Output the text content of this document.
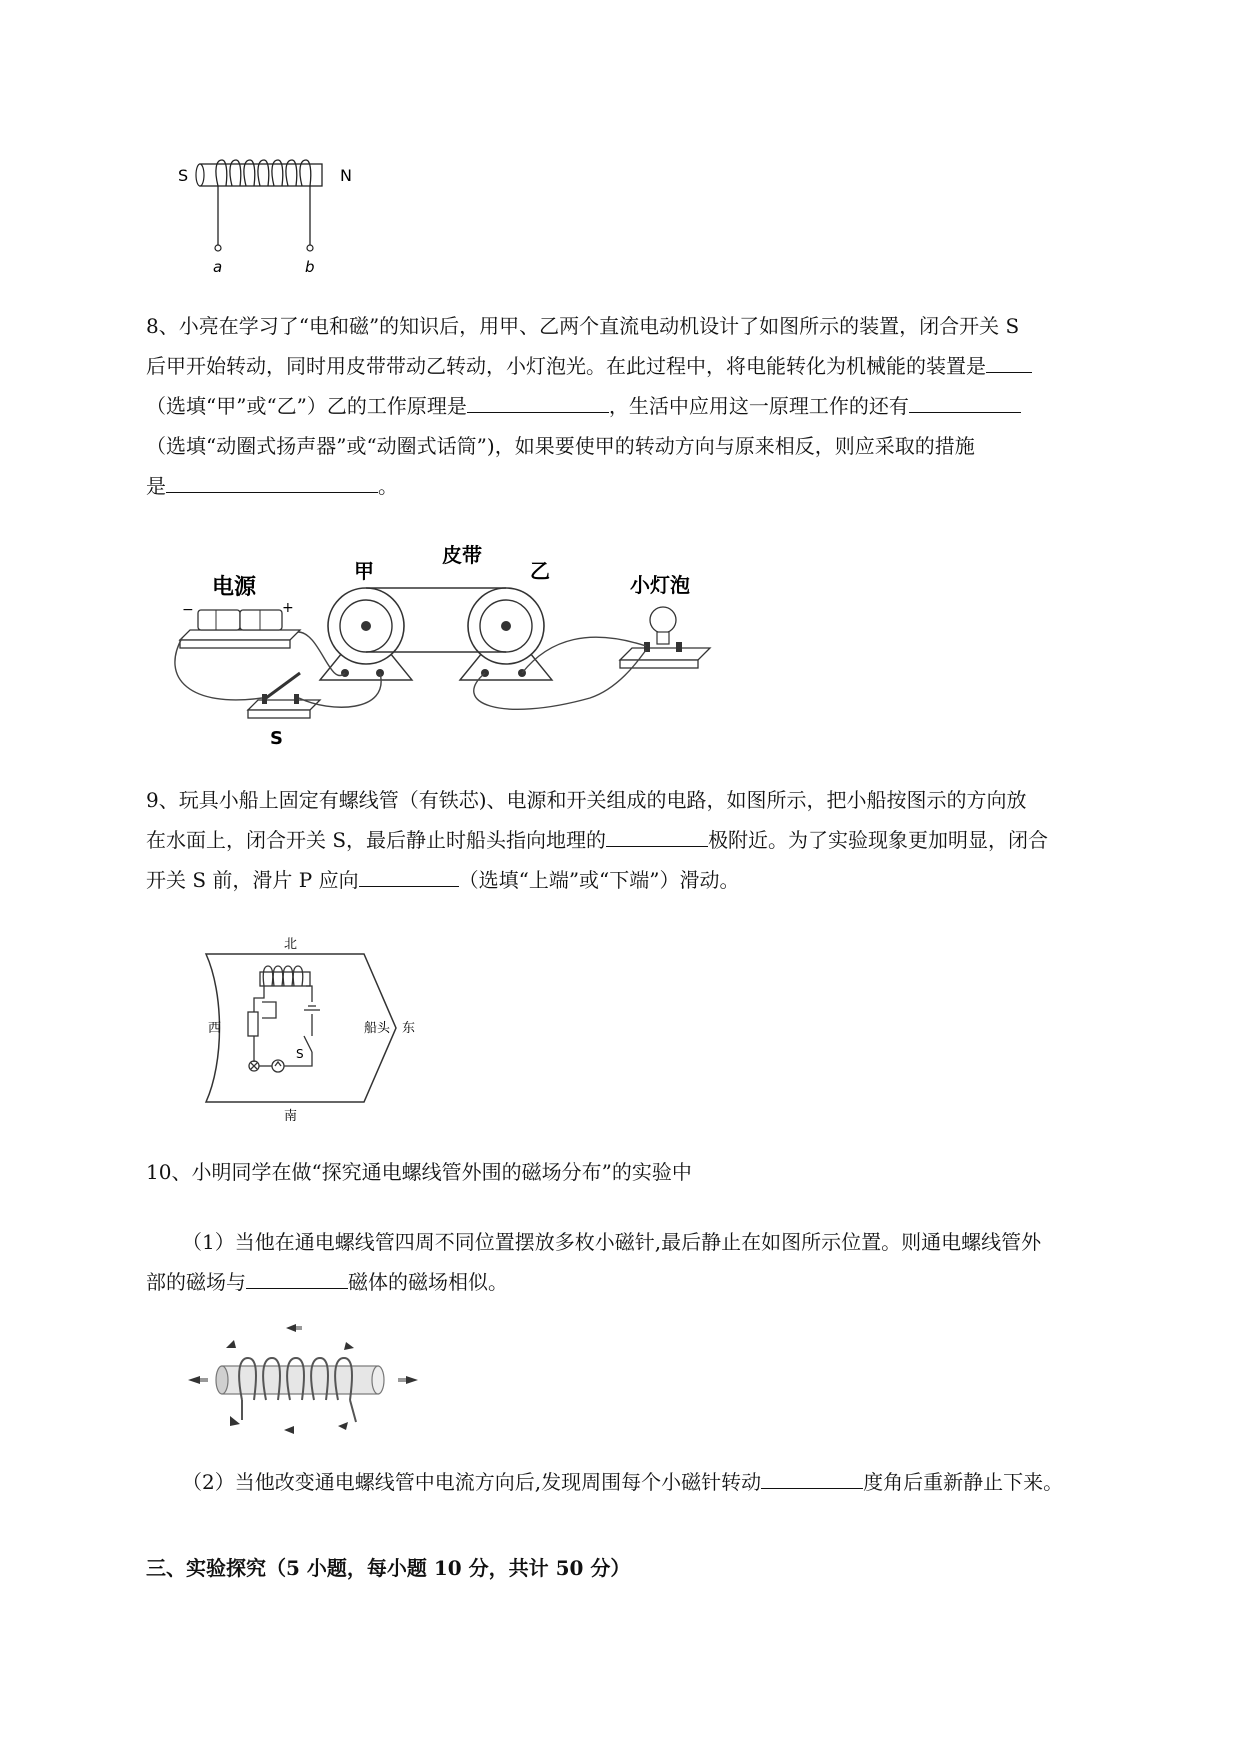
S	N
a	b

8、小亮在学习了“电和磁”的知识后，用甲、乙两个直流电动机设计了如图所示的装置，闭合开关 S

后甲开始转动，同时用皮带带动乙转动，小灯泡光。在此过程中，将电能转化为机械能的装置是

（选填“甲”或“乙”）乙的工作原理是	，生活中应用这一原理工作的还有

（选填“动圈式扬声器”或“动圈式话筒”)，如果要使甲的转动方向与原来相反，则应采取的措施

是	。

−	+
电源
S
甲	乙
皮带
小灯泡

9、玩具小船上固定有螺线管（有铁芯)、电源和开关组成的电路，如图所示，把小船按图示的方向放

在水面上，闭合开关 S，最后静止时船头指向地理的	极附近。为了实验现象更加明显，闭合

开关 S 前，滑片 P 应向	（选填“上端”或“下端”）滑动。

北
南
西	东
船头
S

10、小明同学在做“探究通电螺线管外围的磁场分布”的实验中

（1）当他在通电螺线管四周不同位置摆放多枚小磁针,最后静止在如图所示位置。则通电螺线管外

部的磁场与	磁体的磁场相似。

（2）当他改变通电螺线管中电流方向后,发现周围每个小磁针转动	度角后重新静止下来。

三、实验探究（5 小题，每小题 10 分，共计 50 分）
